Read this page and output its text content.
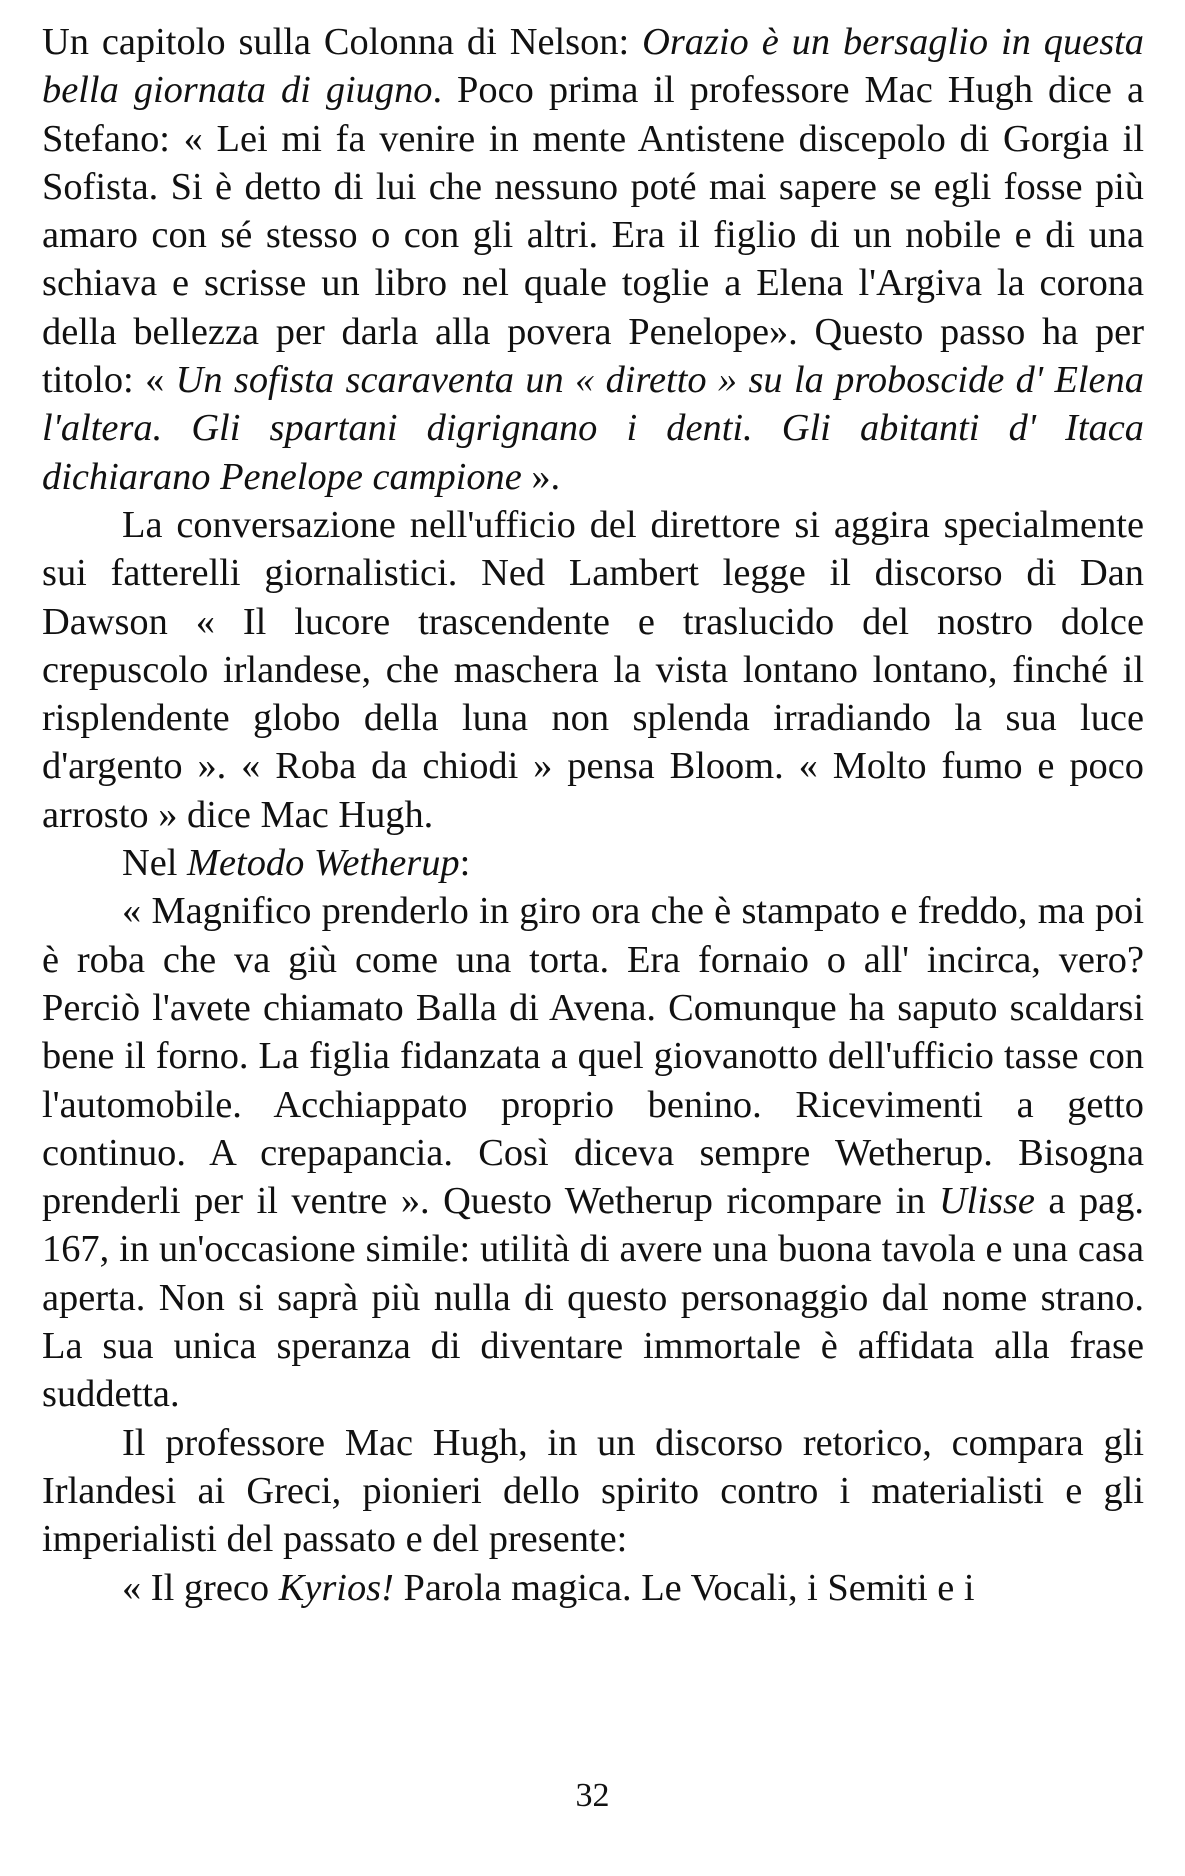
Un capitolo sulla Colonna di Nelson: Orazio è un bersaglio in questa bella giornata di giugno. Poco prima il professore Mac Hugh dice a Stefano: « Lei mi fa venire in mente Antistene discepolo di Gorgia il Sofista. Si è detto di lui che nessuno poté mai sapere se egli fosse più amaro con sé stesso o con gli altri. Era il figlio di un nobile e di una schiava e scrisse un libro nel quale toglie a Elena l'Argiva la corona della bellezza per darla alla povera Penelope». Questo passo ha per titolo: « Un sofista scaraventa un « diretto » su la proboscide d' Elena l'altera. Gli spartani digrignano i denti. Gli abitanti d' Itaca dichiarano Penelope campione ».

La conversazione nell'ufficio del direttore si aggira specialmente sui fatterelli giornalistici. Ned Lambert legge il discorso di Dan Dawson « Il lucore trascendente e traslucido del nostro dolce crepuscolo irlandese, che maschera la vista lontano lontano, finché il risplendente globo della luna non splenda irradiando la sua luce d'argento ». « Roba da chiodi » pensa Bloom. « Molto fumo e poco arrosto » dice Mac Hugh.

Nel Metodo Wetherup:

« Magnifico prenderlo in giro ora che è stampato e freddo, ma poi è roba che va giù come una torta. Era fornaio o all' incirca, vero? Perciò l'avete chiamato Balla di Avena. Comunque ha saputo scaldarsi bene il forno. La figlia fidanzata a quel giovanotto dell'ufficio tasse con l'automobile. Acchiappato proprio benino. Ricevimenti a getto continuo. A crepapancia. Così diceva sempre Wetherup. Bisogna prenderli per il ventre ». Questo Wetherup ricompare in Ulisse a pag. 167, in un'occasione simile: utilità di avere una buona tavola e una casa aperta. Non si saprà più nulla di questo personaggio dal nome strano. La sua unica speranza di diventare immortale è affidata alla frase suddetta.

Il professore Mac Hugh, in un discorso retorico, compara gli Irlandesi ai Greci, pionieri dello spirito contro i materialisti e gli imperialisti del passato e del presente:

« Il greco Kyrios! Parola magica. Le Vocali, i Semiti e i

32
